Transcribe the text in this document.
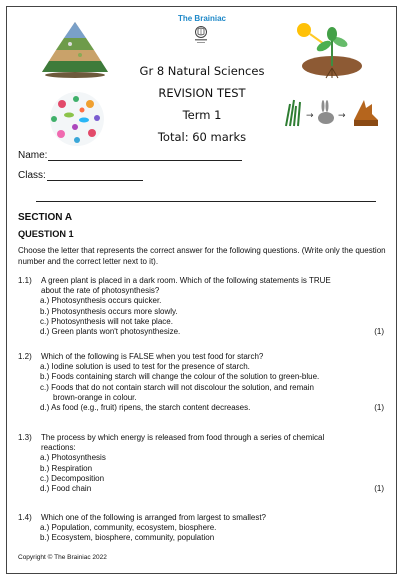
The Brainiac
Gr 8 Natural Sciences
REVISION TEST
Term 1
Total: 60 marks
→	→
Name:
Class:
SECTION A
QUESTION 1
Choose the letter that represents the correct answer for the following questions. (Write only the question number and the correct letter next to it).
1.1) A green plant is placed in a dark room. Which of the following statements is TRUE
about the rate of photosynthesis?
a.) Photosynthesis occurs quicker.
b.) Photosynthesis occurs more slowly.
c.) Photosynthesis will not take place.
d.) Green plants won't photosynthesize.	(1)
1.2) Which of the following is FALSE when you test food for starch?
a.) Iodine solution is used to test for the presence of starch.
b.) Foods containing starch will change the colour of the solution to green-blue.
c.) Foods that do not contain starch will not discolour the solution, and remain
brown-orange in colour.
d.) As food (e.g., fruit) ripens, the starch content decreases.	(1)
1.3) The process by which energy is released from food through a series of chemical
reactions:
a.) Photosynthesis
b.) Respiration
c.) Decomposition
d.) Food chain	(1)
1.4) Which one of the following is arranged from largest to smallest?
a.) Population, community, ecosystem, biosphere.
b.) Ecosystem, biosphere, community, population
Copyright © The Brainiac 2022
